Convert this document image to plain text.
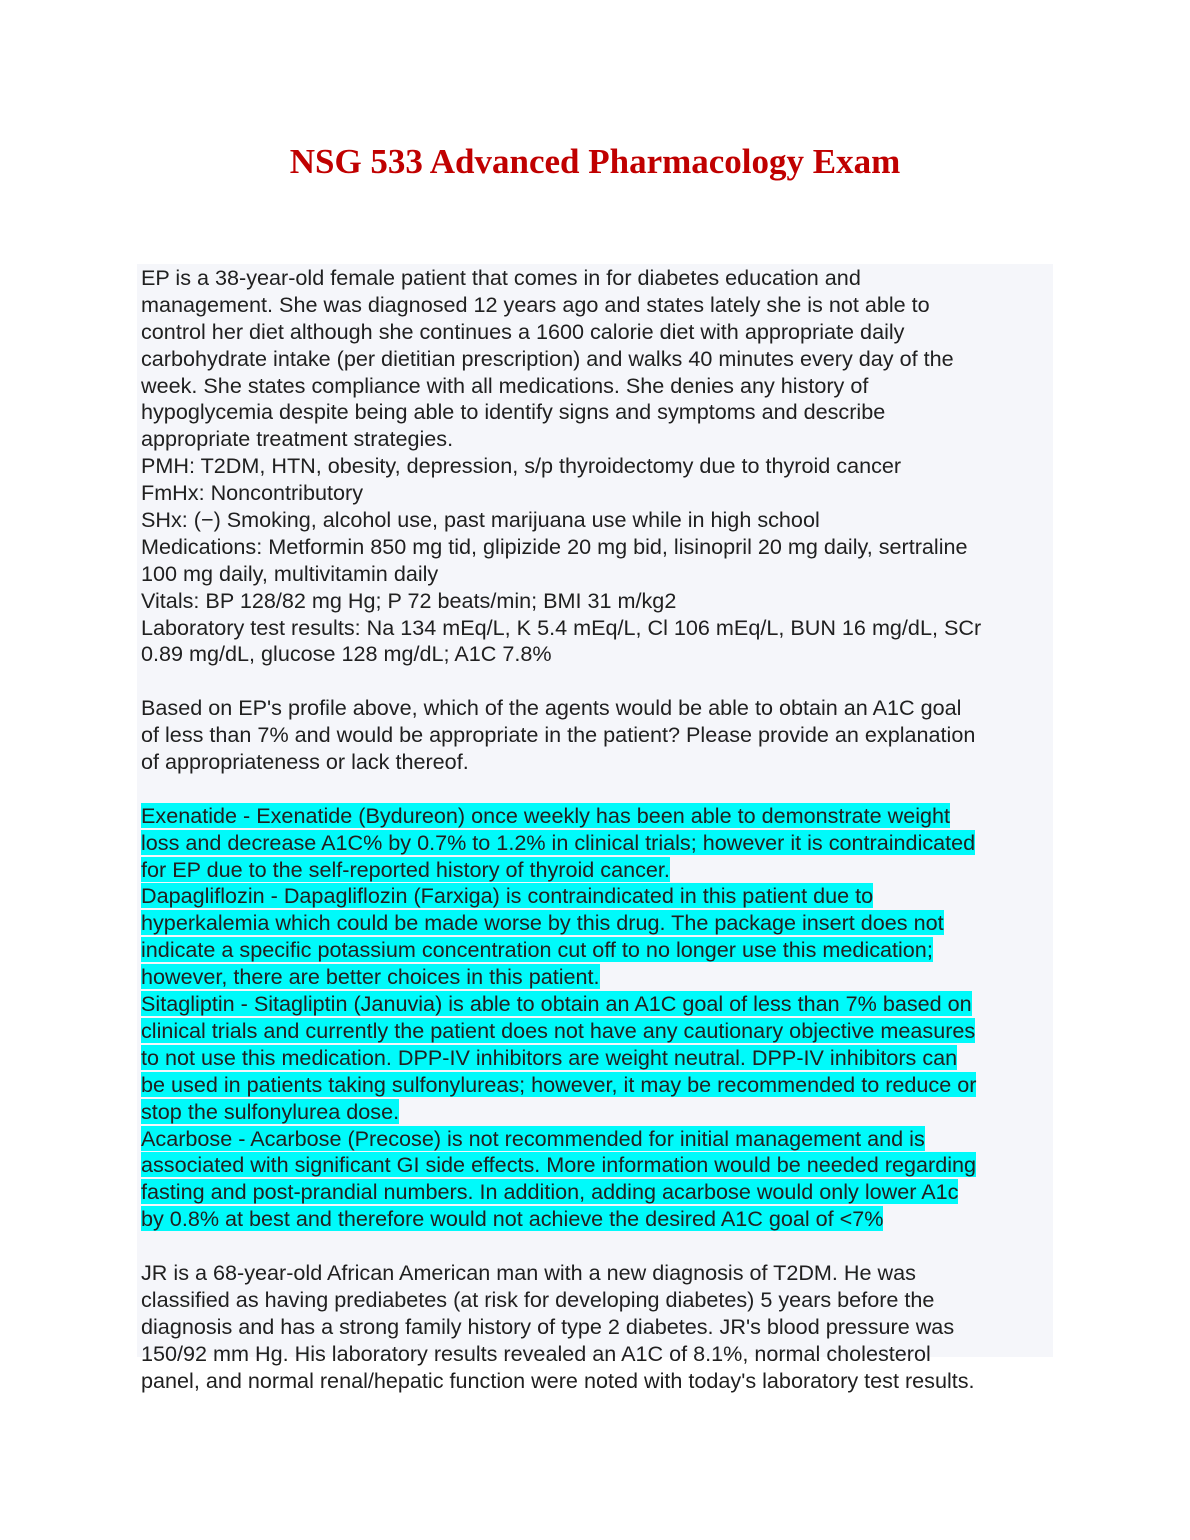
NSG 533 Advanced Pharmacology Exam
EP is a 38-year-old female patient that comes in for diabetes education and
management. She was diagnosed 12 years ago and states lately she is not able to
control her diet although she continues a 1600 calorie diet with appropriate daily
carbohydrate intake (per dietitian prescription) and walks 40 minutes every day of the
week. She states compliance with all medications. She denies any history of
hypoglycemia despite being able to identify signs and symptoms and describe
appropriate treatment strategies.
PMH: T2DM, HTN, obesity, depression, s/p thyroidectomy due to thyroid cancer
FmHx: Noncontributory
SHx: (−) Smoking, alcohol use, past marijuana use while in high school
Medications: Metformin 850 mg tid, glipizide 20 mg bid, lisinopril 20 mg daily, sertraline
100 mg daily, multivitamin daily
Vitals: BP 128/82 mg Hg; P 72 beats/min; BMI 31 m/kg2
Laboratory test results: Na 134 mEq/L, K 5.4 mEq/L, Cl 106 mEq/L, BUN 16 mg/dL, SCr
0.89 mg/dL, glucose 128 mg/dL; A1C 7.8%
Based on EP's profile above, which of the agents would be able to obtain an A1C goal
of less than 7% and would be appropriate in the patient? Please provide an explanation
of appropriateness or lack thereof.
Exenatide - Exenatide (Bydureon) once weekly has been able to demonstrate weight
loss and decrease A1C% by 0.7% to 1.2% in clinical trials; however it is contraindicated
for EP due to the self-reported history of thyroid cancer.
Dapagliflozin - Dapagliflozin (Farxiga) is contraindicated in this patient due to
hyperkalemia which could be made worse by this drug. The package insert does not
indicate a specific potassium concentration cut off to no longer use this medication;
however, there are better choices in this patient.
Sitagliptin - Sitagliptin (Januvia) is able to obtain an A1C goal of less than 7% based on
clinical trials and currently the patient does not have any cautionary objective measures
to not use this medication. DPP-IV inhibitors are weight neutral. DPP-IV inhibitors can
be used in patients taking sulfonylureas; however, it may be recommended to reduce or
stop the sulfonylurea dose.
Acarbose - Acarbose (Precose) is not recommended for initial management and is
associated with significant GI side effects. More information would be needed regarding
fasting and post-prandial numbers. In addition, adding acarbose would only lower A1c
by 0.8% at best and therefore would not achieve the desired A1C goal of <7%
JR is a 68-year-old African American man with a new diagnosis of T2DM. He was
classified as having prediabetes (at risk for developing diabetes) 5 years before the
diagnosis and has a strong family history of type 2 diabetes. JR's blood pressure was
150/92 mm Hg. His laboratory results revealed an A1C of 8.1%, normal cholesterol
panel, and normal renal/hepatic function were noted with today's laboratory test results.
